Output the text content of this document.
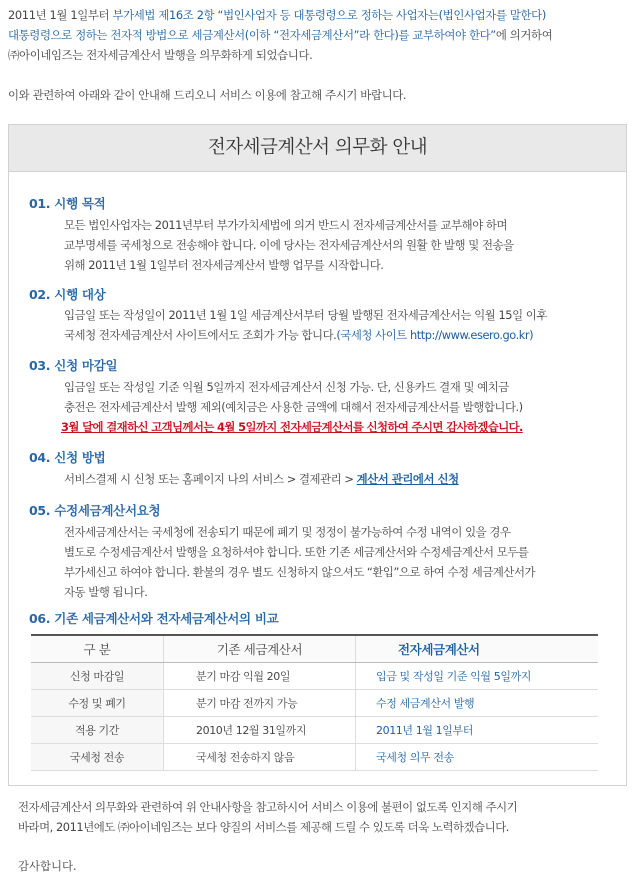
2011년 1월 1일부터 부가세법 제16조 2항 “법인사업자 등 대통령령으로 정하는 사업자는(법인사업자를 말한다)

대통령령으로 정하는 전자적 방법으로 세금계산서(이하 “전자세금계산서”라 한다)를 교부하여야 한다”에 의거하여

㈜아이네임즈는 전자세금계산서 발행을 의무화하게 되었습니다.

이와 관련하여 아래와 같이 안내해 드리오니 서비스 이용에 참고해 주시기 바랍니다.

전자세금계산서 의무화 안내
01. 시행 목적

모든 법인사업자는 2011년부터 부가가치세법에 의거 반드시 전자세금계산서를 교부해야 하며

교부명세를 국세청으로 전송해야 합니다. 이에 당사는 전자세금계산서의 원활 한 발행 및 전송을

위해 2011년 1월 1일부터 전자세금계산서 발행 업무를 시작합니다.

02. 시행 대상

입금일 또는 작성일이 2011년 1월 1일 세금계산서부터 당월 발행된 전자세금계산서는 익월 15일 이후

국세청 전자세금계산서 사이트에서도 조회가 가능 합니다.(국세청 사이트 http://www.esero.go.kr)

03. 신청 마감일

입금일 또는 작성일 기준 익월 5일까지 전자세금계산서 신청 가능. 단, 신용카드 결재 및 예치금

충전은 전자세금계산서 발행 제외(예치금은 사용한 금액에 대해서 전자세금계산서를 발행합니다.)

3월 달에 결재하신 고객님께서는 4월 5일까지 전자세금계산서를 신청하여 주시면 감사하겠습니다.

04. 신청 방법

서비스결제 시 신청 또는 홈페이지 나의 서비스 > 결제관리 > 계산서 관리에서 신청

05. 수정세금계산서요청

전자세금계산서는 국세청에 전송되기 때문에 폐기 및 정정이 불가능하여 수정 내역이 있을 경우

별도로 수정세금계산서 발행을 요청하셔야 합니다. 또한 기존 세금계산서와 수정세금계산서 모두를

부가세신고 하여야 합니다. 환불의 경우 별도 신청하지 않으셔도 “환입”으로 하여 수정 세금계산서가

자동 발행 됩니다.

06. 기존 세금계산서와 전자세금계산서의 비교
구 분	기존 세금계산서	전자세금계산서
신청 마감일	분기 마감 익월 20일	입금 및 작성일 기준 익월 5일까지
수정 및 폐기	분기 마감 전까지 가능	수정 세금계산서 발행
적용 기간	2010년 12월 31일까지	2011년 1월 1일부터
국세청 전송	국세청 전송하지 않음	국세청 의무 전송

전자세금계산서 의무화와 관련하여 위 안내사항을 참고하시어 서비스 이용에 불편이 없도록 인지해 주시기

바라며, 2011년에도 ㈜아이네임즈는 보다 양질의 서비스를 제공해 드릴 수 있도록 더욱 노력하겠습니다.

감사합니다.
